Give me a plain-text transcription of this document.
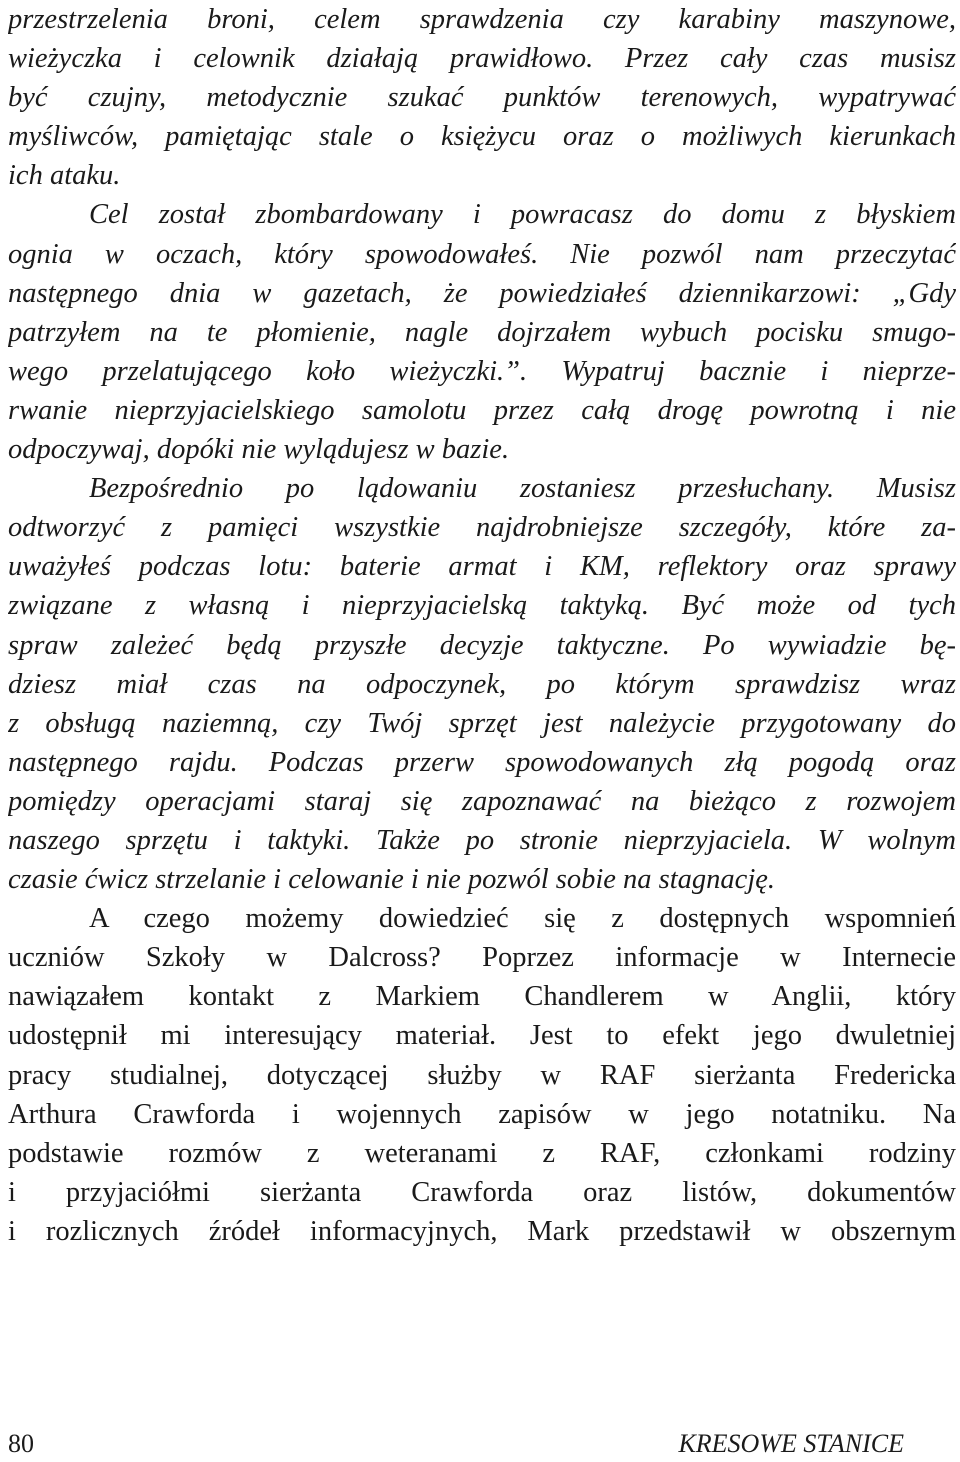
przestrzelenia broni, celem sprawdzenia czy karabiny maszynowe,
wieżyczka i celownik działają prawidłowo. Przez cały czas musisz
być czujny, metodycznie szukać punktów terenowych, wypatrywać
myśliwców, pamiętając stale o księżycu oraz o możliwych kierunkach
ich ataku.
Cel został zbombardowany i powracasz do domu z błyskiem
ognia w oczach, który spowodowałeś. Nie pozwól nam przeczytać
następnego dnia w gazetach, że powiedziałeś dziennikarzowi: „Gdy
patrzyłem na te płomienie, nagle dojrzałem wybuch pocisku smugo-
wego przelatującego koło wieżyczki.”. Wypatruj bacznie i nieprze-
rwanie nieprzyjacielskiego samolotu przez całą drogę powrotną i nie
odpoczywaj, dopóki nie wylądujesz w bazie.
Bezpośrednio po lądowaniu zostaniesz przesłuchany. Musisz
odtworzyć z pamięci wszystkie najdrobniejsze szczegóły, które za-
uważyłeś podczas lotu: baterie armat i KM, reflektory oraz sprawy
związane z własną i nieprzyjacielską taktyką. Być może od tych
spraw zależeć będą przyszłe decyzje taktyczne. Po wywiadzie bę-
dziesz miał czas na odpoczynek, po którym sprawdzisz wraz
z obsługą naziemną, czy Twój sprzęt jest należycie przygotowany do
następnego rajdu. Podczas przerw spowodowanych złą pogodą oraz
pomiędzy operacjami staraj się zapoznawać na bieżąco z rozwojem
naszego sprzętu i taktyki. Także po stronie nieprzyjaciela. W wolnym
czasie ćwicz strzelanie i celowanie i nie pozwól sobie na stagnację.
A czego możemy dowiedzieć się z dostępnych wspomnień
uczniów Szkoły w Dalcross? Poprzez informacje w Internecie
nawiązałem kontakt z Markiem Chandlerem w Anglii, który
udostępnił mi interesujący materiał. Jest to efekt jego dwuletniej
pracy studialnej, dotyczącej służby w RAF sierżanta Fredericka
Arthura Crawforda i wojennych zapisów w jego notatniku. Na
podstawie rozmów z weteranami z RAF, członkami rodziny
i przyjaciółmi sierżanta Crawforda oraz listów, dokumentów
i rozlicznych źródeł informacyjnych, Mark przedstawił w obszernym
80	KRESOWE STANICE
